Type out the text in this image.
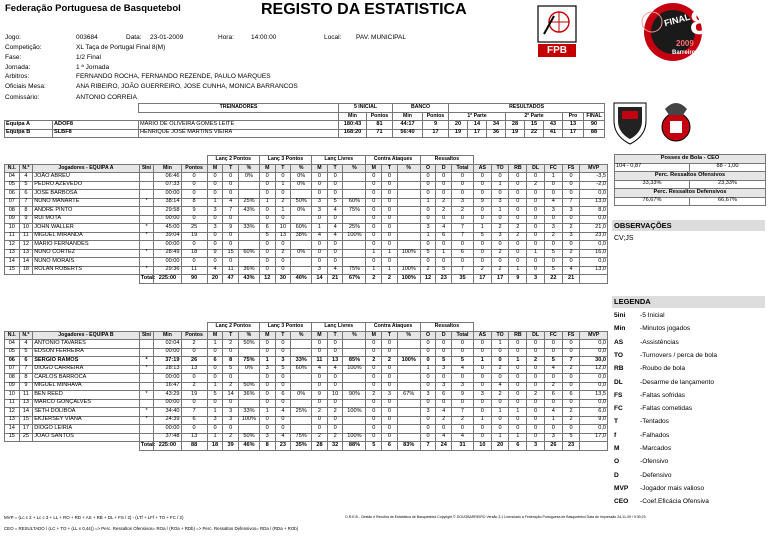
Federação Portuguesa de Basquetebol	REGISTO DA ESTATISTICA
FPB
FINAL
8
2009
Barreiro
Jogo:	003684
Competição:	XL Taça de Portugal Final 8(M)
Fase:	1/2 Final
Jornada:	1 ª Jornada
Arbitros:	FERNANDO ROCHA, FERNANDO REZENDE, PAULO MARQUES
Oficiais Mesa:	ANA RIBEIRO, JOÃO GUERREIRO, JOSE CUNHA, MONICA BARRANCOS
Comissário:	ANTONIO CORREIA
Data: 23-01-2009	Hora:	14:00:00	Local: PAV. MUNICIPAL
		TREINADORES	5 INICIAL		BANCO		RESULTADOS							
			Min	Pontos	Min	Pontos	1ª Parte			2ª Parte			Pro	FINAL
Equipa A	ADOF8	MÁRIO DE OLIVEIRA GOMES LEITE	180:43	81	44:17	9	20	14	34	28	15	43	13	90
Equipa B	SLBF8	HENRIQUE JOSÉ MARTINS VIEIRA	168:20	71	56:40	17	19	17	36	19	22	41	17	88
						Lanç 2 Pontos			Lanç 3 Pontos			Lanç Livres			Contra Ataques			Ressaltos									
N.I.	N.º	Jogadores - EQUIPA A	5Ini	Min	Pontos	M	T	%	M	T	%	M	T	%	M	T	%	O	D	Total	AS	TO	RB	DL	FC	FS	MVP
04	4	JOÃO ABREU		06:46	0	0	0	0%	0	0	0%	0	0		0	0		0	0	0	0	0	0	0	1	0	-3,5
05	5	PEDRO AZEVEDO		07:33	0	0	0		0	1	0%	0	0		0	0		0	0	0	0	1	0	2	0	0	-2,0
06	6	JOSE BARBOSA		00:00	0	0	0		0	0		0	0		0	0		0	0	0	0	0	0	0	0	0	0,0
07	7	NUNO MANARTE	*	38:14	8	1	4	25%	1	2	50%	3	5	60%	0	0		1	2	3	9	3	0	0	4	7	13,0
08	8	ANDRE PINTO		29:58	9	3	7	43%	0	1	0%	3	4	75%	0	0		0	2	2	0	1	0	0	3	3	8,0
09	9	RUI MOTA		00:00	0	0	0		0	0		0	0		0	0		0	0	0	0	0	0	0	0	0	0,0
10	10	JOHN WALLER	*	45:00	25	3	9	33%	6	10	60%	1	4	25%	0	0		3	4	7	1	2	2	0	3	2	21,0
11	11	MIGUEL MIRANDA	*	39:04	19	0	0		5	13	38%	4	4	100%	0	0		1	6	7	5	3	2	0	2	3	23,0
12	12	MARIO FERNANDES		00:00	0	0	0		0	0		0	0		0	0		0	0	0	0	0	0	0	0	0	0,0
13	13	NUNO CORTEZ	*	28:49	18	9	15	60%	0	2	0%	0	0		1	1	100%	5	1	6	0	2	0	1	5	2	16,0
14	14	NUNO MORAIS		00:00	0	0	0		0	0		0	0		0	0		0	0	0	0	0	0	0	0	0	0,0
15	18	ROLAN ROBERTS	*	29:36	11	4	11	36%	0	0		3	4	75%	1	1	100%	2	5	7	2	2	1	0	5	4	13,0
			Total:	225:00	90	20	47	43%	12	30	40%	14	21	67%	2	2	100%	12	23	35	17	17	9	3	22	21	
						Lanç 2 Pontos			Lanç 3 Pontos			Lanç Livres			Contra Ataques			Ressaltos									
N.I.	N.º	Jogadores - EQUIPA B	5Ini	Min	Pontos	M	T	%	M	T	%	M	T	%	M	T	%	O	D	Total	AS	TO	RB	DL	FC	FS	MVP
04	4	ANTONIO TAVARES		02:04	2	1	2	50%	0	0		0	0		0	0		0	0	0	0	1	0	0	0	0	0,0
05	5	EDSON FERREIRA		00:00	0	0	0		0	0		0	0		0	0		0	0	0	0	0	0	0	0	0	0,0
06	6	SERGIO RAMOS	*	37:19	26	6	8	75%	1	3	33%	11	13	85%	2	2	100%	0	5	5	1	0	1	2	5	7	30,0
07	7	DIOGO CARREIRA	*	28:13	13	0	5	0%	3	5	60%	4	4	100%	0	0		1	3	4	0	2	0	0	4	2	12,0
08	8	CARLOS BARROCA		00:00	0	0	0		0	0		0	0		0	0		0	0	0	0	0	0	0	0	0	0,0
09	9	MIGUEL MINHAVA		16:47	2	1	2	50%	0	0		0	0		0	0		0	3	3	0	4	0	0	2	0	0,0
10	11	BEN REED	*	43:29	19	5	14	36%	0	6	0%	9	10	90%	2	3	67%	3	6	9	3	2	0	2	6	6	13,5
11	13	MARCO GONÇALVES		00:00	0	0	0		0	0		0	0		0	0		0	0	0	0	0	0	0	0	0	0,0
12	14	SETH DOLIBOA	*	34:40	7	1	3	33%	1	4	25%	2	2	100%	0	0		3	4	7	0	1	1	0	4	2	6,0
13	15	EKJERSEY VIANA	*	24:39	6	3	3	100%	0	0		0	0		0	0		0	2	2	1	0	0	0	1	2	9,0
14	17	DIOGO LEIRIA		00:00	0	0	0		0	0		0	0		0	0		0	0	0	0	0	0	0	0	0	0,0
15	25	JOAO SANTOS		37:48	13	1	2	50%	3	4	75%	2	2	100%	0	0		0	4	4	0	1	1	0	3	5	17,0
			Total:	225:00	88	18	39	46%	8	23	35%	28	32	88%	5	6	83%	7	24	31	10	20	6	3	26	23	
Posses de Bola - CEO	
104 - 0,87	88 - 1,00
Perc. Ressaltos Ofensivos	
33,33%	23,33%
Perc. Ressaltos Defensivos	
76,67%	66,67%
OBSERVAÇÕES
CV;JS
LEGENDA
5ini -5 Inicial
Min -Minutos jogados
AS	-Assistências
TO	-Turnovers / perca de bola
RB -Roubo de bola
DL	-Desarme de lançamento
FS	-Faltas sofridas
FC	-Faltas cometidas
T	-Tentados
f	-Falhados
M	-Marcados
O	-Ofensivo
D	-Defensivo
MVP -Jogador mais valioso
CEO -Coef.Eficácia Ofensiva
MVP = (Lc c 2 + Lc c 3 + LL + RO + RD + AS + RB + DL + FS / 2) - (LTf + LFf + TO + FC / 2)
CEO = RESULTADO / (LC + TO + (LL x 0,44)) => Perc. Ressaltos Ofensivos= ROa / (ROa + RDb) => Perc. Ressaltos Defensivos= RDa / (RDa + ROb)
O.R.E.B - Gestão e Recolha de Estatística de Basquetebol Copyright © DOUGBARREIRO Versão 3.1 Licenciado à Federação Portuguesa de Basquetebol Data de Impressão 24-11-09 / 9:30:23
